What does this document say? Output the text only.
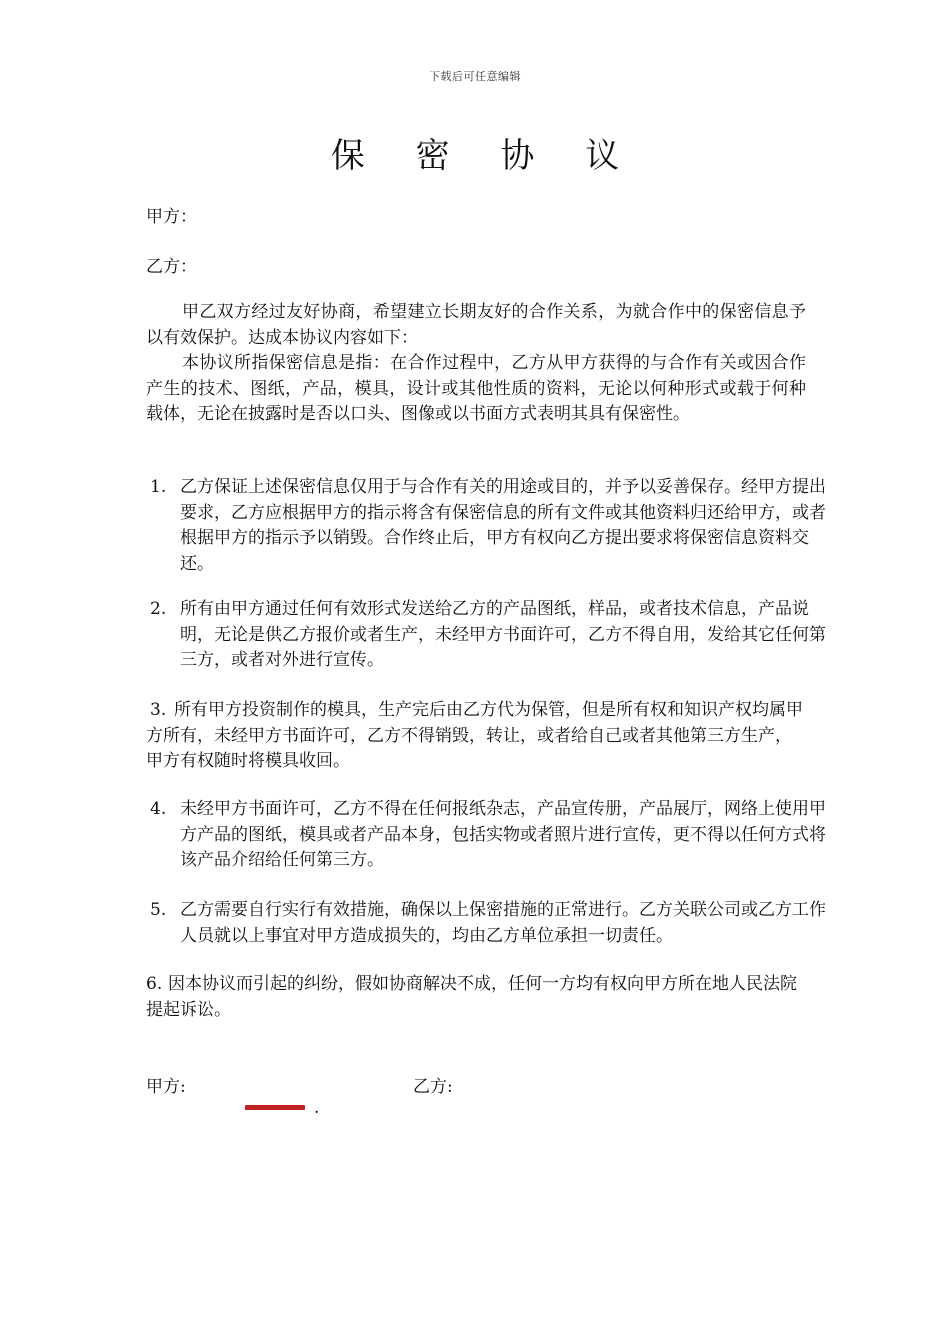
下载后可任意编辑
保 密 协 议
甲方：
乙方：
甲乙双方经过友好协商，希望建立长期友好的合作关系，为就合作中的保密信息予以有效保护。达成本协议内容如下：
本协议所指保密信息是指：在合作过程中，乙方从甲方获得的与合作有关或因合作产生的技术、图纸，产品，模具，设计或其他性质的资料，无论以何种形式或载于何种载体，无论在披露时是否以口头、图像或以书面方式表明其具有保密性。
1. 乙方保证上述保密信息仅用于与合作有关的用途或目的，并予以妥善保存。经甲方提出要求，乙方应根据甲方的指示将含有保密信息的所有文件或其他资料归还给甲方，或者根据甲方的指示予以销毁。合作终止后，甲方有权向乙方提出要求将保密信息资料交还。
2. 所有由甲方通过任何有效形式发送给乙方的产品图纸，样品，或者技术信息，产品说明，无论是供乙方报价或者生产，未经甲方书面许可，乙方不得自用，发给其它任何第三方，或者对外进行宣传。
3. 所有甲方投资制作的模具，生产完后由乙方代为保管，但是所有权和知识产权均属甲方所有，未经甲方书面许可，乙方不得销毁，转让，或者给自己或者其他第三方生产，甲方有权随时将模具收回。
4. 未经甲方书面许可，乙方不得在任何报纸杂志，产品宣传册，产品展厅，网络上使用甲方产品的图纸，模具或者产品本身，包括实物或者照片进行宣传，更不得以任何方式将该产品介绍给任何第三方。
5. 乙方需要自行实行有效措施，确保以上保密措施的正常进行。乙方关联公司或乙方工作人员就以上事宜对甲方造成损失的，均由乙方单位承担一切责任。
6. 因本协议而引起的纠纷，假如协商解决不成，任何一方均有权向甲方所在地人民法院提起诉讼。
甲方:	乙方:
.
